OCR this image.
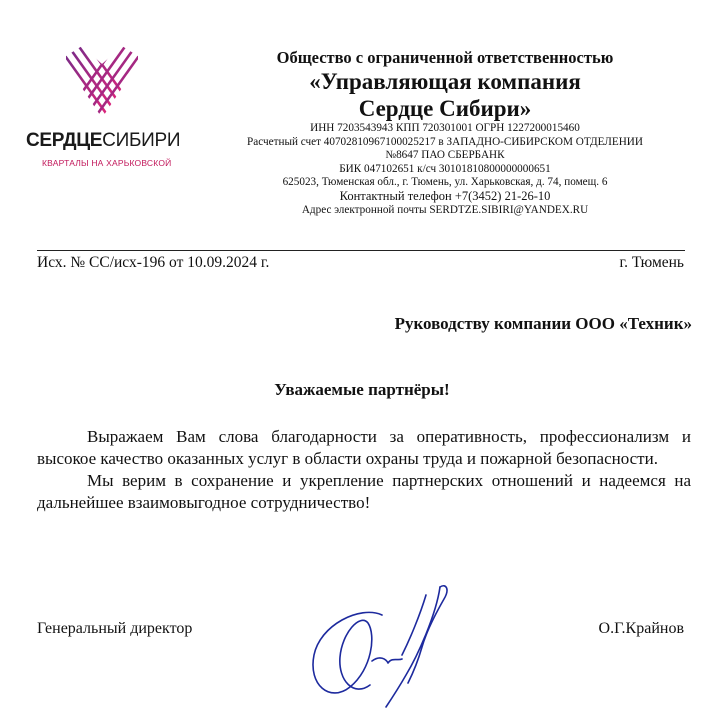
СЕРДЦЕСИБИРИ
КВАРТАЛЫ НА ХАРЬКОВСКОЙ
Общество с ограниченной ответственностью
«Управляющая компания
Сердце Сибири»
ИНН 7203543943 КПП 720301001 ОГРН 1227200015460
Расчетный счет 40702810967100025217 в ЗАПАДНО-СИБИРСКОМ ОТДЕЛЕНИИ
№8647 ПАО СБЕРБАНК
БИК 047102651 к/сч 30101810800000000651
625023, Тюменская обл., г. Тюмень, ул. Харьковская, д. 74, помещ. 6
Контактный телефон +7(3452) 21-26-10
Адрес электронной почты SERDTZE.SIBIRI@YANDEX.RU
Исх. № СС/исх-196 от 10.09.2024 г.	г. Тюмень
Руководству компании ООО «Техник»
Уважаемые партнёры!

Выражаем Вам слова благодарности за оперативность, профессионализм и высокое качество оказанных услуг в области охраны труда и пожарной безопасности.

Мы верим в сохранение и укрепление партнерских отношений и надеемся на дальнейшее взаимовыгодное сотрудничество!

Генеральный директор	О.Г.Крайнов
